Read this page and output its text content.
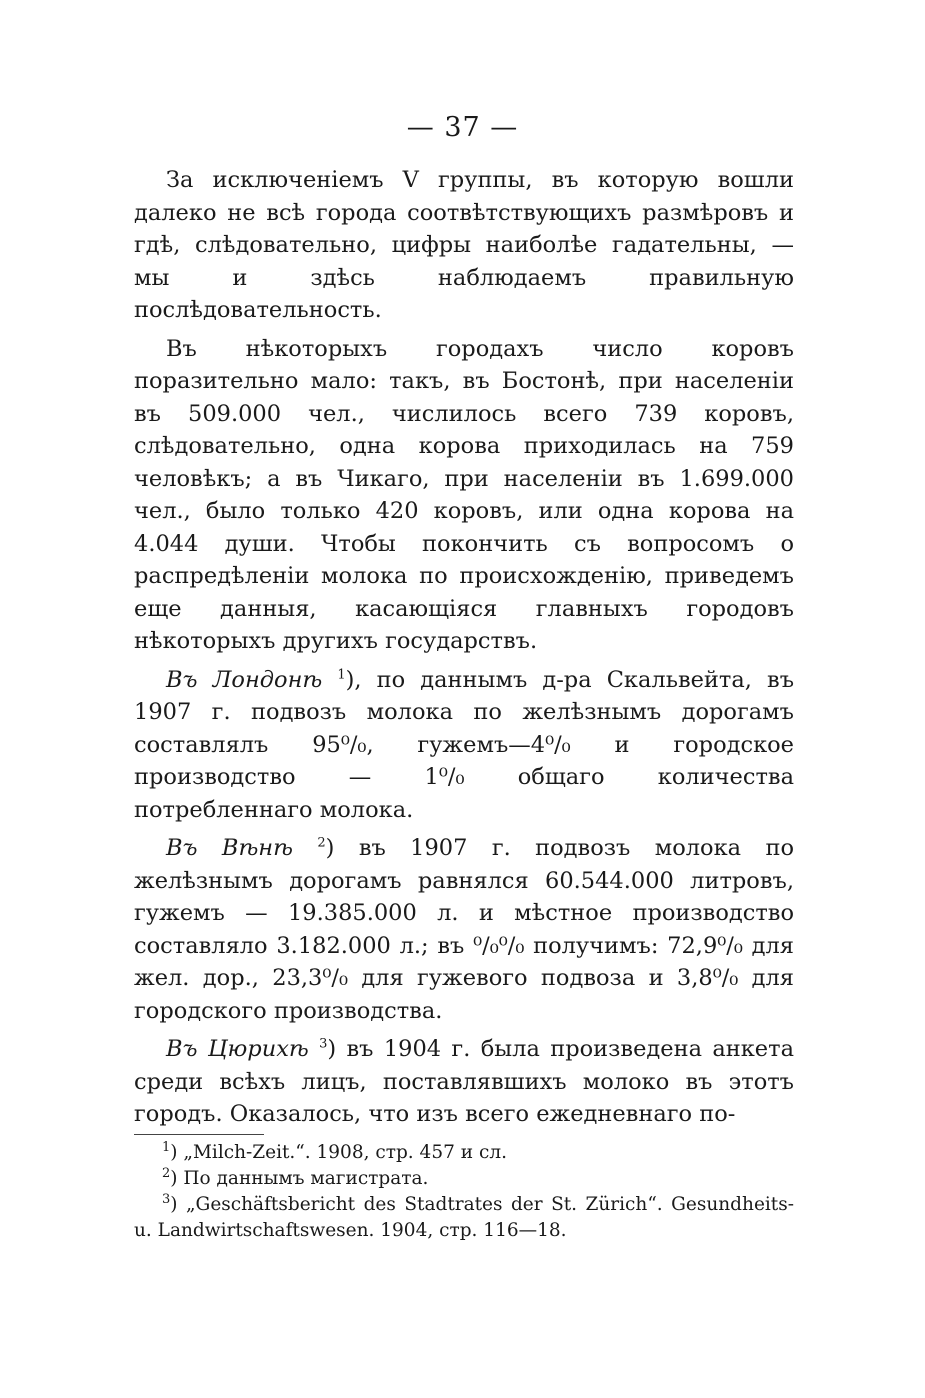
— 37 —

За исключеніемъ V группы, въ которую вошли далеко не всѣ города соотвѣтствующихъ размѣровъ и гдѣ, слѣдовательно, цифры наиболѣе гадательны, — мы и здѣсь наблюдаемъ правильную послѣдовательность.

Въ нѣкоторыхъ городахъ число коровъ поразительно мало: такъ, въ Бостонѣ, при населеніи въ 509.000 чел., числилось всего 739 коровъ, слѣдовательно, одна корова приходилась на 759 человѣкъ; а въ Чикаго, при населеніи въ 1.699.000 чел., было только 420 коровъ, или одна корова на 4.044 души. Чтобы покончить съ вопросомъ о распредѣленіи молока по происхожденію, приведемъ еще данныя, касающіяся главныхъ городовъ нѣкоторыхъ другихъ государствъ.

Въ Лондонѣ $^1$), по даннымъ д-ра Скальвейта, въ 1907 г. подвозъ молока по желѣзнымъ дорогамъ составлялъ 95⁰/₀, гужемъ—4⁰/₀ и городское производство — 1⁰/₀ общаго количества потребленнаго молока.

Въ Вѣнѣ $^2$) въ 1907 г. подвозъ молока по желѣзнымъ дорогамъ равнялся 60.544.000 литровъ, гужемъ — 19.385.000 л. и мѣстное производство составляло 3.182.000 л.; въ ⁰/₀⁰/₀ получимъ: 72,9⁰/₀ для жел. дор., 23,3⁰/₀ для гужевого подвоза и 3,8⁰/₀ для городского производства.

Въ Цюрихѣ $^3$) въ 1904 г. была произведена анкета среди всѣхъ лицъ, поставлявшихъ молоко въ этотъ городъ. Оказалось, что изъ всего ежедневнаго по-

$^1$) „Milch-Zeit.“. 1908, стр. 457 и сл.

$^2$) По даннымъ магистрата.

$^3$) „Geschäftsbericht des Stadtrates der St. Zürich“. Gesundheits- u. Landwirtschaftswesen. 1904, стр. 116—18.
